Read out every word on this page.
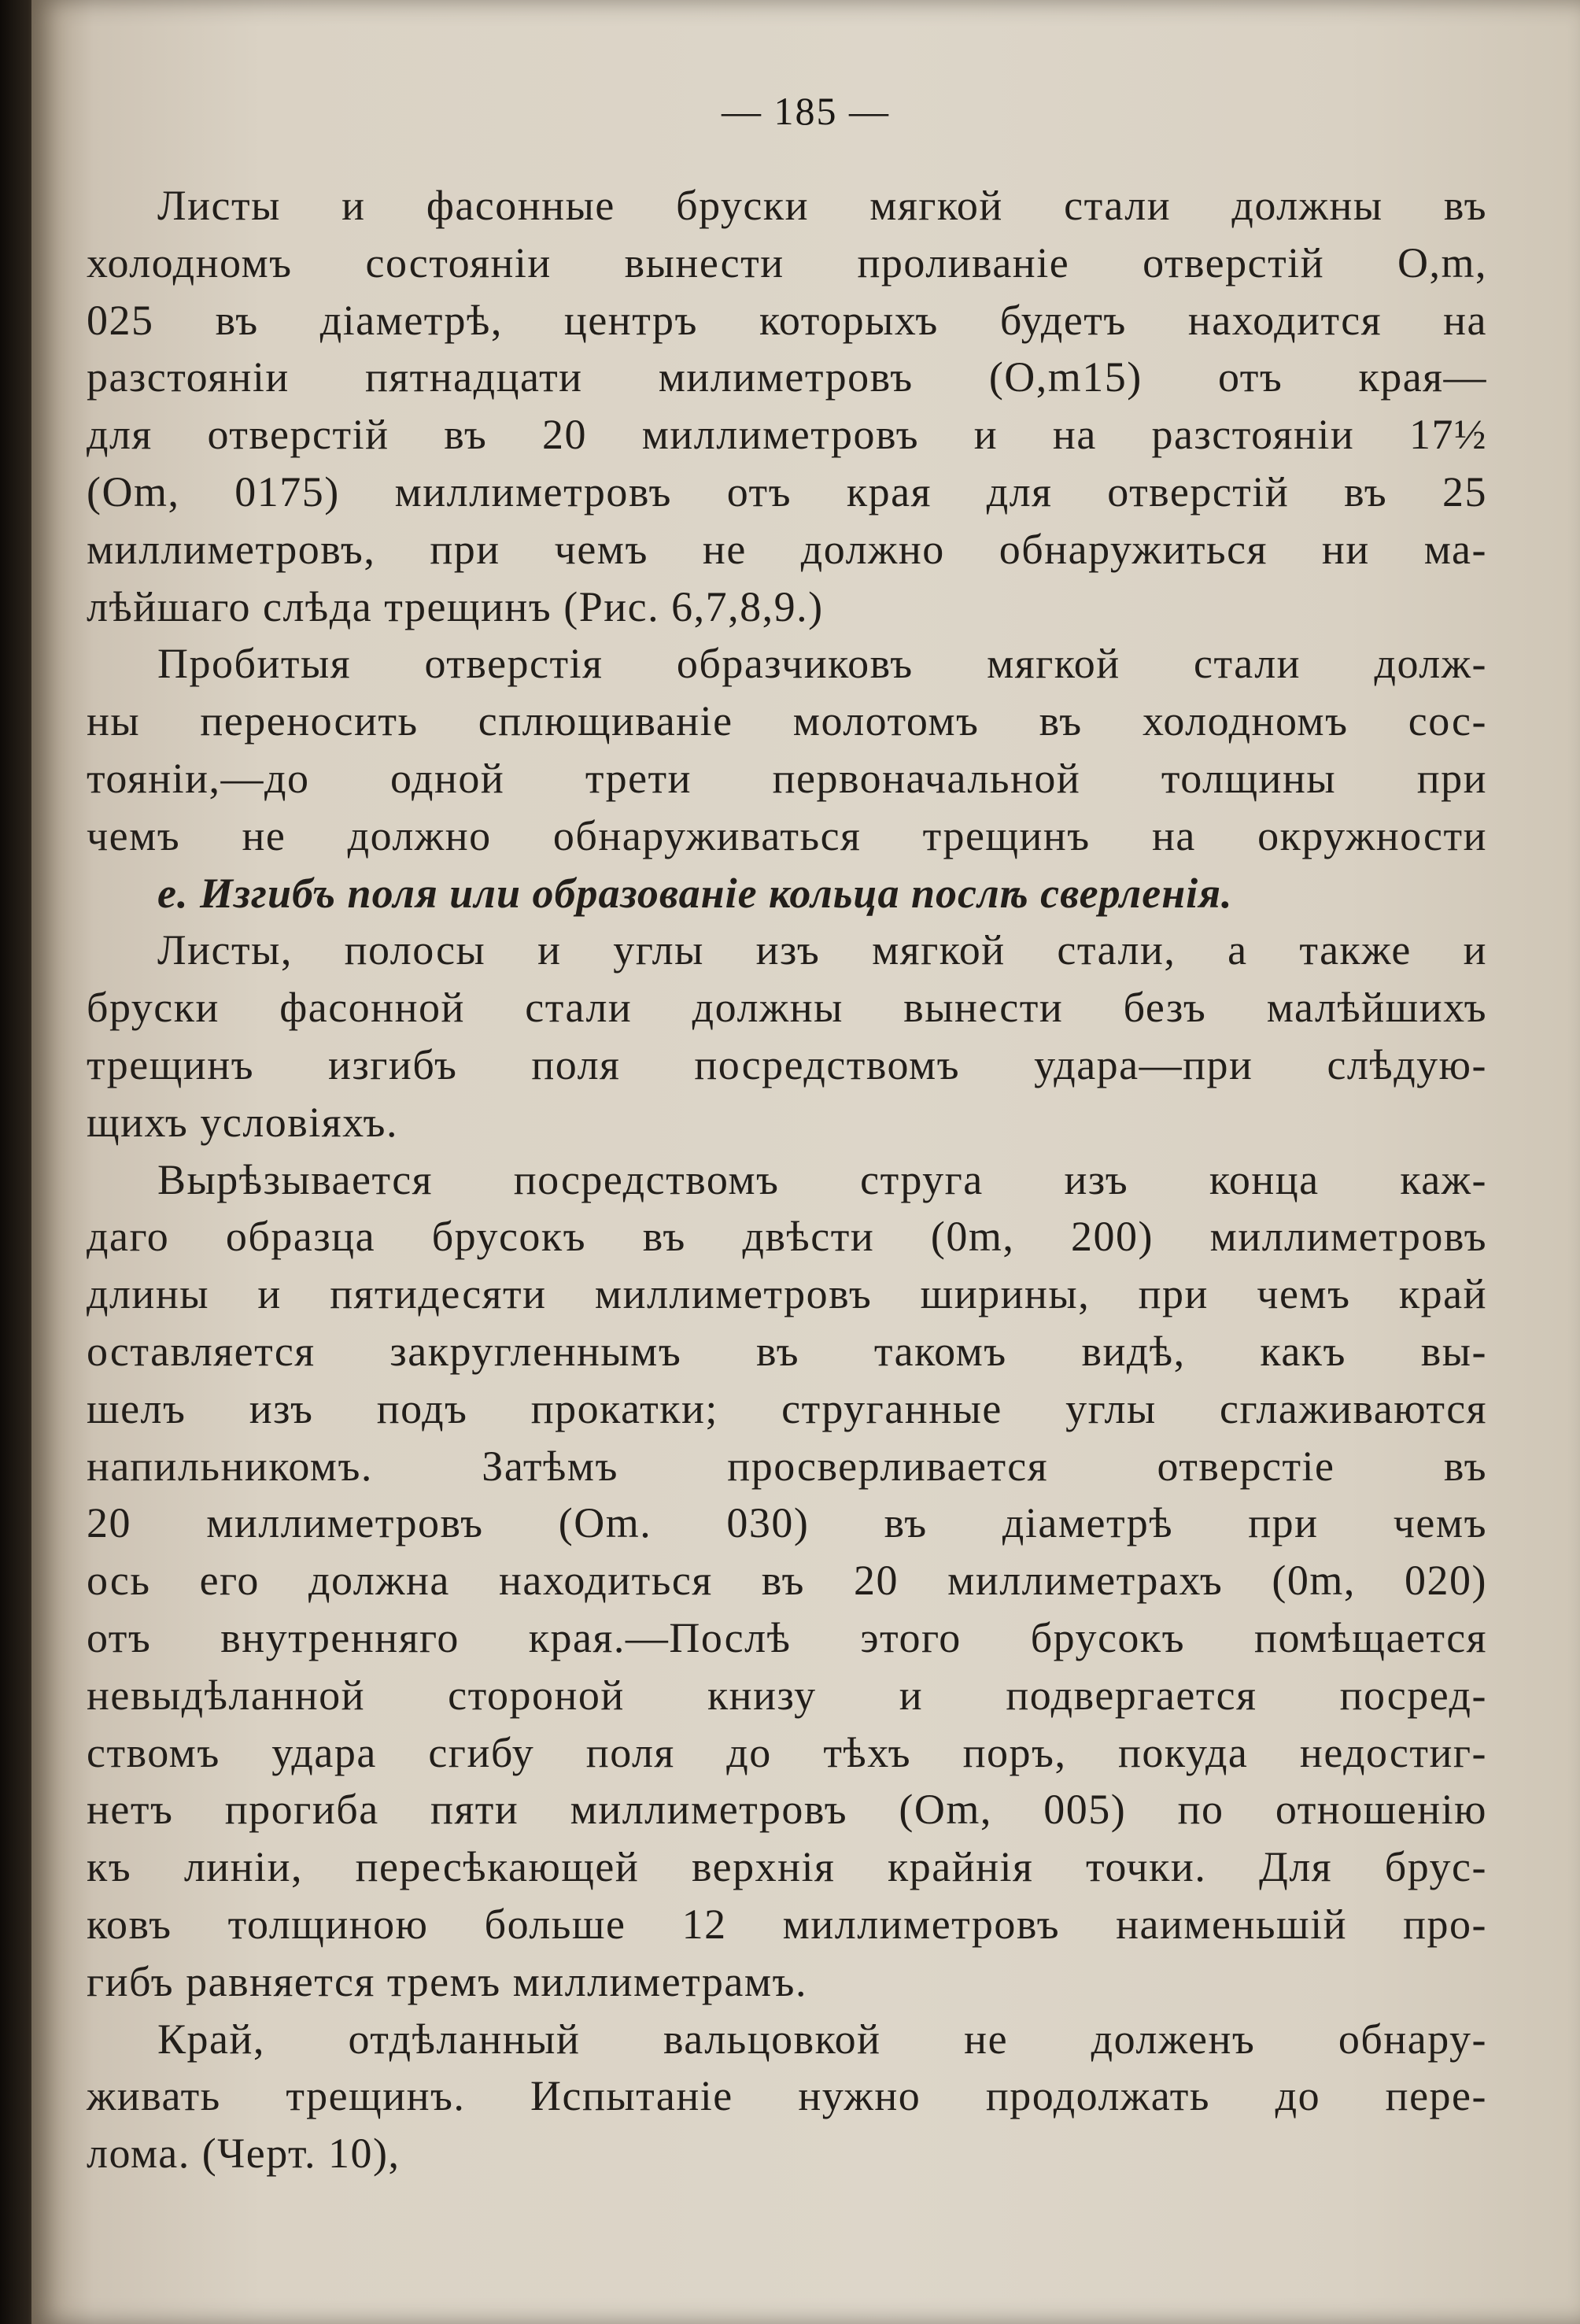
— 185 —
Листы и фасонные бруски мягкой стали должны въ
холодномъ состоянiи вынести проливанiе отверстiй О,m,
025 въ дiаметрѣ, центръ которыхъ будетъ находится на
разстоянiи пятнадцати милиметровъ (О,m15) отъ края—
для отверстiй въ 20 миллиметровъ и на разстоянiи 17½
(Оm, 0175) миллиметровъ отъ края для отверстiй въ 25
миллиметровъ, при чемъ не должно обнаружиться ни ма-
лѣйшаго слѣда трещинъ (Рис. 6,7,8,9.)
Пробитыя отверстiя образчиковъ мягкой стали долж-
ны переносить сплющиванiе молотомъ въ холодномъ сос-
тоянiи,—до одной трети первоначальной толщины при
чемъ не должно обнаруживаться трещинъ на окружности
е. Изгибъ поля или образованiе кольца послѣ сверленiя.
Листы, полосы и углы изъ мягкой стали, а также и
бруски фасонной стали должны вынести безъ малѣйшихъ
трещинъ изгибъ поля посредствомъ удара—при слѣдую-
щихъ условiяхъ.
Вырѣзывается посредствомъ струга изъ конца каж-
даго образца брусокъ въ двѣсти (0m, 200) миллиметровъ
длины и пятидесяти миллиметровъ ширины, при чемъ край
оставляется закругленнымъ въ такомъ видѣ, какъ вы-
шелъ изъ подъ прокатки; струганные углы сглаживаются
напильникомъ. Затѣмъ просверливается отверстiе въ
20 миллиметровъ (Оm. 030) въ дiаметрѣ при чемъ
ось его должна находиться въ 20 миллиметрахъ (0m, 020)
отъ внутренняго края.—Послѣ этого брусокъ помѣщается
невыдѣланной стороной книзу и подвергается посред-
ствомъ удара сгибу поля до тѣхъ поръ, покуда недостиг-
нетъ прогиба пяти миллиметровъ (Оm, 005) по отношенiю
къ линiи, пересѣкающей верхнiя крайнiя точки. Для брус-
ковъ толщиною больше 12 миллиметровъ наименьшiй про-
гибъ равняется тремъ миллиметрамъ.
Край, отдѣланный вальцовкой не долженъ обнару-
живать трещинъ. Испытанiе нужно продолжать до пере-
лома. (Черт. 10),
